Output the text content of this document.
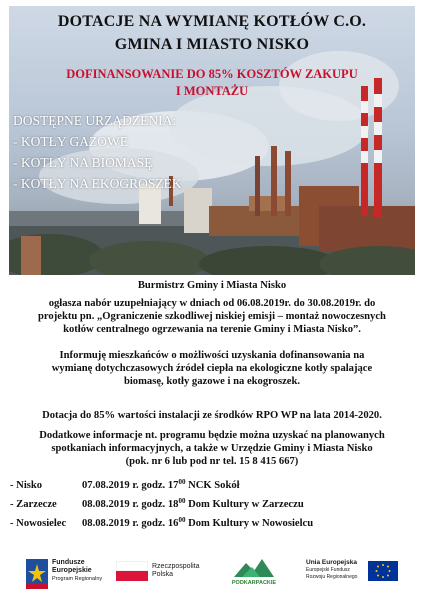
DOTACJE NA WYMIANĘ KOTŁÓW C.O.
GMINA I MIASTO NISKO
DOFINANSOWANIE DO 85% KOSZTÓW ZAKUPU
I MONTAŻU
DOSTĘPNE URZĄDZENIA:
- KOTŁY GAZOWE
- KOTŁY NA BIOMASĘ
- KOTŁY NA EKOGROSZEK
Burmistrz Gminy i Miasta Nisko
ogłasza nabór uzupełniający w dniach od 06.08.2019r. do 30.08.2019r. do
projektu pn. „Ograniczenie szkodliwej niskiej emisji – montaż nowoczesnych
kotłów centralnego ogrzewania na terenie Gminy i Miasta Nisko”.
Informuję mieszkańców o możliwości uzyskania dofinansowania na
wymianę dotychczasowych źródeł ciepła na ekologiczne kotły spalające
biomasę, kotły gazowe i na ekogroszek.
Dotacja do 85% wartości instalacji ze środków RPO WP na lata 2014-2020.
Dodatkowe informacje nt. programu będzie można uzyskać na planowanych
spotkaniach informacyjnych, a także w Urzędzie Gminy i Miasta Nisko
(pok. nr 6 lub pod nr tel. 15 8 415 667)
- Nisko	07.08.2019 r. godz. $17^{00}$ NCK Sokół
- Zarzecze 08.08.2019 r. godz. $18^{00}$ Dom Kultury w Zarzeczu
- Nowosielec 08.08.2019 r. godz. $16^{00}$ Dom Kultury w Nowosielcu
Fundusze
Europejskie
Program Regionalny
Rzeczpospolita
Polska
PODKARPACKIE
Unia Europejska
Europejski Fundusz
Rozwoju Regionalnego
